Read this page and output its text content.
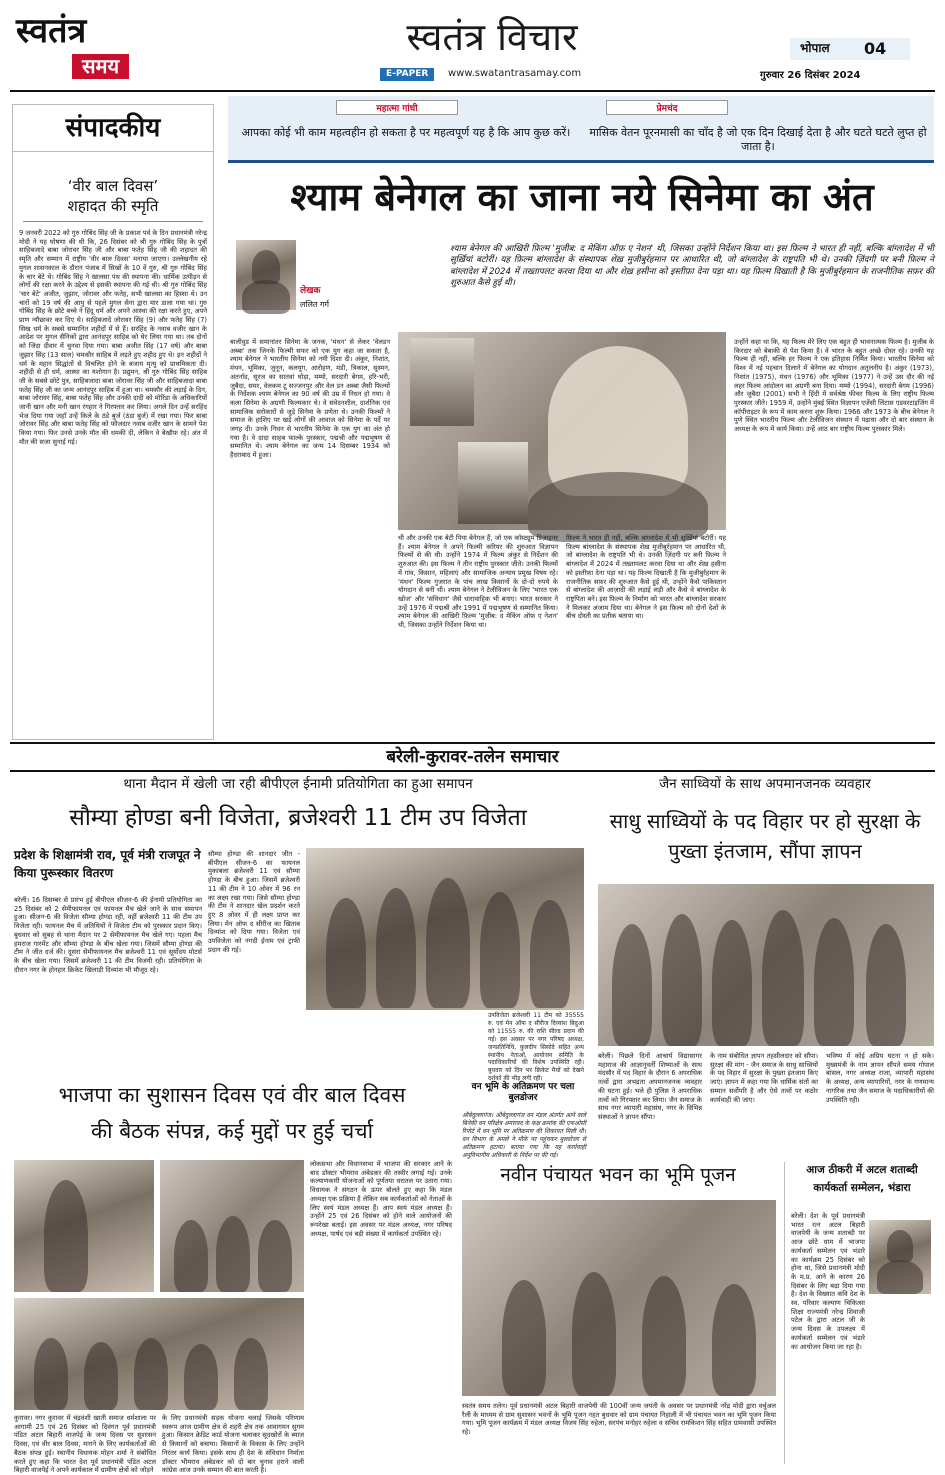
स्वतंत्र
समय
स्वतंत्र विचार
E-PAPER	www.swatantrasamay.com
भोपाल 04
गुरुवार 26 दिसंबर 2024
संपादकीय
‘वीर बाल दिवस’
शहादत की स्मृति
9 जनवरी 2022 को गुरु गोबिंद सिंह जी के प्रकाश पर्व के दिन प्रधानमंत्री नरेन्द्र मोदी ने यह घोषणा की थी कि, 26 दिसंबर को श्री गुरु गोबिंद सिंह के पुत्रों साहिबजादे बाबा जोरावर सिंह जी और बाबा फतेह सिंह जी की शहादत की स्मृति और सम्मान में राष्ट्रीय 'वीर बाल दिवस' मनाया जाएगा। उल्लेखनीय रहे मुगल शासनकाल के दौरान पंजाब में सिखों के 10 वें गुरु, श्री गुरु गोबिंद सिंह के चार बेटे थे। गोबिंद सिंह ने खालसा पंथ की स्थापना की। धार्मिक उत्पीड़न से लोगों की रक्षा करने के उद्देश्य से इसकी स्थापना की गई थी। श्री गुरु गोबिंद सिंह 'चार बेटे' अजीत, जुझार, जोरावर और फतेह, सभी खालसा का हिस्सा थे। उन चारों को 19 वर्ष की आयु से पहले मुगल सेना द्वारा मार डाला गया था। गुरु गोबिंद सिंह के छोटे बच्चे ने हिंदू धर्म और अपने आस्था की रक्षा करते हुए, अपने प्राण न्यौछावर कर दिए थे। साहिबजादे जोरावर सिंह (9) और फतेह सिंह (7) सिख धर्म के सबसे सम्मानित शहीदों में से हैं। सरहिंद के नवाब वजीर खान के आदेश पर मुगल सैनिकों द्वारा आनंदपुर साहिब को घेर लिया गया था। तब दोनों को जिंदा दीवार में चुनवा दिया गया। बाबा अजीत सिंह (17 वर्ष) और बाबा जुझार सिंह (13 साल) चमकौर साहिब में लड़ते हुए शहीद हुए थे। इन शहीदों ने धर्म के महान सिद्धांतों से विचलित होने के बजाय मृत्यु को प्राथमिकता दी। शहीदी से ही धर्म, आस्था का यशोगान है। प्रद्युमन, श्री गुरु गोबिंद सिंह साहिब जी के सबसे छोटे पुत्र, साहिबजादा बाबा जोरावर सिंह जी और साहिबजादा बाबा फतेह सिंह जी का जन्म आनंदपुर साहिब में हुआ था। चमकौर की लड़ाई के दिन, बाबा जोरावर सिंह, बाबा फतेह सिंह और उनकी दादी को मोरिंडा के अधिकारियों जानी खान और मनी खान रंगहार ने गिरफ्तार कर लिया। अगले दिन उन्हें सरहिंद भेज दिया गया जहाँ उन्हें किले के ठंडे बुर्ज (ठंडा बुर्ज) में रखा गया। फिर बाबा जोरावर सिंह और बाबा फतेह सिंह को फौजदार नवाब वजीर खान के सामने पेश किया गया। फिर उनसे उनके मौत की धमकी दी, लेकिन वे बेखौफ़ रहे। अंत में मौत की सजा सुनाई गई।
महात्मा गांधी
आपका कोई भी काम महत्वहीन हो सकता है पर महत्वपूर्ण यह है कि आप कुछ करें।
प्रेमचंद
मासिक वेतन पूरनमासी का चाँद है जो एक दिन दिखाई देता है और घटते घटते लुप्त हो जाता है।
श्याम बेनेगल का जाना नये सिनेमा का अंत
लेखक
ललित गर्ग
श्याम बेनेगल की आखिरी फ़िल्म 'मुजीब: द मेकिंग ऑफ़ ए नेशन' थी, जिसका उन्होंने निर्देशन किया था। इस फ़िल्म ने भारत ही नहीं, बल्कि बांग्लादेश में भी सुर्ख़ियां बटोरीं। यह फ़िल्म बांग्लादेश के संस्थापक शेख़ मुजीबुर्रहमान पर आधारित थी, जो बांग्लादेश के राष्ट्रपति भी थे। उनकी ज़िंदगी पर बनी फ़िल्म ने बांग्लादेश में 2024 में तख्तापलट करवा दिया था और शेख़ हसीना को इस्तीफ़ा देना पड़ा था। यह फ़िल्म दिखाती है कि मुजीबुर्रहमान के राजनीतिक सफ़र की शुरुआत कैसे हुई थी।
बालीवुड में समानांतर सिनेमा के जनक, 'मंथन' से लेकर 'वेलडन अब्बा' तक जिनके फिल्मी सफर को एक युग कहा जा सकता है, श्याम बेनेगल ने भारतीय सिनेमा को नयी दिशा दी। अंकुर, निशांत, मंथन, भूमिका, जुनून, कलयुग, आरोहण, मंडी, त्रिकाल, सुस्मन, अंतर्नाद, सूरज का सातवां घोड़ा, मम्मो, सरदारी बेगम, हरि-भरी, जुबैदा, समर, वेलकम टू सज्जनपुर और वेल डन अब्बा जैसी फिल्मों के निर्देशक श्याम बेनेगल का 90 वर्ष की उम्र में निधन हो गया। वे कला सिनेमा के अग्रणी फिल्मकार थे। वे संवेदनशील, दार्शनिक एवं सामाजिक सरोकारों से जुड़े सिनेमा के प्रणेता थे। उनकी फिल्मों ने समाज के हाशिए पर खड़े लोगों की आवाज को सिनेमा के पर्दे पर जगह दी। उनके निधन से भारतीय सिनेमा के एक युग का अंत हो गया है। वे दादा साहब फाल्के पुरस्कार, पद्मश्री और पद्मभूषण से सम्मानित थे। श्याम बेनेगल का जन्म 14 दिसम्बर 1934 को हैदराबाद में हुआ।
थी और उनकी एक बेटी पिया बेनेगल हैं, जो एक कॉस्ट्यूम डिज़ाइनर हैं। श्याम बेनेगल ने अपने फिल्मी करियर की शुरुआत विज्ञापन फिल्मों से की थी। उन्होंने 1974 में फिल्म अंकुर से निर्देशन की शुरुआत की। इस फिल्म ने तीन राष्ट्रीय पुरस्कार जीते। उनकी फिल्मों में गांव, किसान, महिलाएं और सामाजिक अन्याय प्रमुख विषय रहे। 'मंथन' फिल्म गुजरात के पांच लाख किसानों के दो-दो रुपये के योगदान से बनी थी। श्याम बेनेगल ने टेलीविजन के लिए 'भारत एक खोज' और 'संविधान' जैसे धारावाहिक भी बनाए। भारत सरकार ने उन्हें 1976 में पद्मश्री और 1991 में पद्मभूषण से सम्मानित किया। श्याम बेनेगल की आखिरी फ़िल्म 'मुजीब: द मेकिंग ऑफ़ ए नेशन' थी, जिसका उन्होंने निर्देशन किया था।
फ़िल्म ने भारत ही नहीं, बल्कि बांग्लादेश में भी सुर्ख़ियां बटोरीं। यह फ़िल्म बांग्लादेश के संस्थापक शेख़ मुजीबुर्रहमान पर आधारित थी, जो बांग्लादेश के राष्ट्रपति भी थे। उनकी ज़िंदगी पर बनी फ़िल्म ने बांग्लादेश में 2024 में तख़्तापलट करवा दिया था और शेख़ हसीना को इस्तीफ़ा देना पड़ा था। यह फ़िल्म दिखाती है कि मुजीबुर्रहमान के राजनीतिक सफ़र की शुरुआत कैसे हुई थी, उन्होंने कैसे पाकिस्तान से बांग्लादेश की आज़ादी की लड़ाई लड़ी और कैसे वे बांग्लादेश के राष्ट्रपिता बने। इस फ़िल्म के निर्माण को भारत और बांग्लादेश सरकार ने मिलकर अंजाम दिया था। बेनेगल ने इस फ़िल्म को दोनों देशों के बीच दोस्ती का प्रतीक बताया था।
उन्होंने कहा था कि, यह फिल्म मेरे लिए एक बहुत ही भावनात्मक फिल्म है। मुजीब के किरदार को बेबाकी से पेश किया है। वे भारत के बहुत अच्छे दोस्त रहे। उनकी यह फिल्म ही नहीं, बल्कि हर फिल्म ने एक इतिहास निर्मित किया। भारतीय सिनेमा को विश्व में नई पहचान दिलाने में बेनेगल का योगदान अतुलनीय है। अंकुर (1973), निशांत (1975), मंथन (1976) और भूमिका (1977) ने उन्हें उस दौर की नई लहर फिल्म आंदोलन का अग्रणी बना दिया। मम्मो (1994), सरदारी बेगम (1996) और जुबैदा (2001) सभी ने हिंदी में सर्वश्रेष्ठ फीचर फिल्म के लिए राष्ट्रीय फिल्म पुरस्कार जीते। 1959 में, उन्होंने मुंबई स्थित विज्ञापन एजेंसी लिंटास एडवरटाइजिंग में कॉपीराइटर के रूप में काम करना शुरू किया। 1966 और 1973 के बीच बेनेगल ने पुणे स्थित भारतीय फिल्म और टेलीविजन संस्थान में पढ़ाया और दो बार संस्थान के अध्यक्ष के रूप में कार्य किया। उन्हें आठ बार राष्ट्रीय फिल्म पुरस्कार मिले।
बरेली-कुरावर-तलेन समाचार
थाना मैदान में खेली जा रही बीपीएल ईनामी प्रतियोगिता का हुआ समापन
सौम्या होण्डा बनी विजेता, ब्रजेश्वरी 11 टीम उप विजेता
प्रदेश के शिक्षामंत्री राव, पूर्व मंत्री राजपूत ने किया पुरूस्कार वितरण
बरेली। 16 दिसम्बर से प्रारंभ हुई बीपीएल सीजन-6 की ईनामी प्रतियोगिता का 25 दिसंबर को 2 सेमीफायनल एवं फायनल मैच खेले जाने के साथ समापन हुआ। सीजन-6 की विजेता सौम्या होण्डा रही, वहीं ब्रजेश्वरी 11 की टीम उप विजेता रही। फायनल मैच में अतिथियों ने विजेता टीम को पुरस्कार प्रदान किए। बुधवार को सुबह से थाना मैदान पर 2 सेमीफायनल मैच खेले गए। पहला मैच हमराज गारमेंट और सौम्या होण्डा के बीच खेला गया। जिसमें सौम्या होण्डा की टीम ने जीत दर्ज की। दूसरा सेमीफायनल मैच ब्रजेश्वरी 11 एवं सूर्योदय मोटर्स के बीच खेला गया। जिसमें ब्रजेश्वरी 11 की टीम विजयी रही। प्रतियोगिता के दौरान नगर के होनहार क्रिकेट खिलाड़ी दिव्यांश भी मौजूद रहे।
सौम्या होण्डा की शानदार जीत - बीपीएल सीजन-6 का फायनल मुकाबला ब्रजेश्वरी 11 एवं सौम्या होण्डा के बीच हुआ। जिसमें ब्रजेश्वरी 11 की टीम ने 10 ओवर में 96 रन का लक्ष्य रखा गया। जिसे सौम्या होण्डा की टीम ने शानदार खेल प्रदर्शन करते हुए 8 ओवर में ही लक्ष्य प्राप्त कर लिया। मेन ऑफ द सीरीज का खिताब दिव्यांश को दिया गया। विजेता एवं उपविजेता को नगदी ईनाम एवं ट्राफी प्रदान की गई।
उपविजेता ब्रजेश्वरी 11 टीम को 35555 रु. एवं मेन ऑफ द सीरीज दिव्यांश बिदुआ को 11555 रु. की राशि सील्ड प्रदान की गई। इस अवसर पर नगर परिषद अध्यक्ष, जनप्रतिनिधि, कुलदीप सिसोदे सहित अन्य स्थानीय नेताओं, आयोजन समिति के पदाधिकारियों की विशेष उपस्थिति रही। बुधवार को दिन भर क्रिकेट मैचों को देखने दर्शकों की भीड़ लगी रही।
जैन साध्वियों के साथ अपमानजनक व्यवहार
साधु साध्वियों के पद विहार पर हो सुरक्षा के पुख्ता इंतजाम, सौंपा ज्ञापन
बरेली। पिछले दिनों आचार्य विद्यासागर महाराज की आज्ञानुवर्ती शिष्याओं के साथ मंदसौर में पद विहार के दौरान 6 अपराधिक तत्वों द्वारा अभद्रता अपमानजनक व्यवहार की घटना हुई। भले ही पुलिस ने अपराधिक तत्वों को गिरफ्तार कर लिया। जैन समाज के साथ नगर व्यापारी महासंघ, नगर के विभिन्न संस्थाओं ने ज्ञापन सौंपा।
के नाम संबोधित ज्ञापन तहसीलदार को सौंपा। सुरक्षा की मांग - जैन समाज के साधु साध्वियों के पद विहार में सुरक्षा के पुख्ता इंतजाम किए जाएं। ज्ञापन में कहा गया कि धार्मिक संतों का सम्मान सर्वोपरि है और ऐसे तत्वों पर कठोर कार्यवाही की जाए।
भविष्य में कोई अप्रिय घटना न हो सके। मुख्यमंत्री के नाम ज्ञापन सौंपते समय गोपाल बांसल, नगर अध्यक्ष राजा, व्यापारी महासंघ के अध्यक्ष, अन्य व्यापारियों, नगर के गणमान्य नागरिक तथा जैन समाज के पदाधिकारीयों की उपस्थिति रही।
भाजपा का सुशासन दिवस एवं वीर बाल दिवस
की बैठक संपन्न, कई मुद्दों पर हुई चर्चा
लोकसभा और विधानसभा में भाजपा की सरकार आने के बाद डॉक्टर भीमराव अंबेडकर की तस्वीर लगाई गई। उनके कल्याणकारी योजनाओं को पूर्णतया धरातल पर उतारा गया। विधायक ने संगठन के ऊपर बोलते हुए कहा कि मंडल अध्यक्ष एक प्रक्रिया है लेकिन सब कार्यकर्ताओं को नेताओं के लिए स्वयं मंडल अध्यक्ष हैं। आप स्वयं मंडल अध्यक्ष हैं। उन्होंने 25 एवं 26 दिसंबर को होने वाले आयोजनों की रूपरेखा बताई। इस अवसर पर मंडल अध्यक्ष, नगर परिषद अध्यक्ष, पार्षद एवं बड़ी संख्या में कार्यकर्ता उपस्थित रहे।
कुरावर। नगर कुरावर में चंद्रवंशी खाती समाज धर्मशाला पर आगामी 25 एवं 26 दिसंबर को दिवंगत पूर्व प्रधानमंत्री पंडित अटल बिहारी वाजपेई के जन्म दिवस पर सुशासन दिवस, एवं वीर बाल दिवस, मनाने के लिए कार्यकर्ताओं की बैठक संपन्न हुई। स्थानीय विधायक मोहन शर्मा ने संबोधित करते हुए कहा कि भारत देश पूर्व प्रधानमंत्री पंडित अटल बिहारी वाजपेई ने अपने कार्यकाल में ग्रामीण क्षेत्रों को जोड़ने
के लिए प्रधानमंत्री सड़क योजना चलाई जिसके परिणाम स्वरूप आज ग्रामीण क्षेत्र से शहरी क्षेत्र तक आवागमन सुगम हुआ। किसान क्रेडिट कार्ड योजना चलाकर सूदखोरों के ब्याज से किसानों को बचाया। किसानों के विकास के लिए उन्होंने निरंतर कार्य किया। इसके साथ ही देश के संविधान निर्माता डॉक्टर भीमराव अंबेडकर को दो बार चुनाव हराने वाली कांग्रेस आज उनके सम्मान की बात करती है।
वन भूमि के अतिक्रमण पर चला बुलडोजर
औबेदुल्लागंज। औबेदुल्लागंज वन मंडल अंतर्गत आने वाले बिनेकी वन परिक्षेत्र अमरावद के कक्ष क्रमांक की एफओसी रिपोर्ट में वन भूमि पर अतिक्रमण की शिकायत मिली थी। वन विभाग के अमले ने मौके पर पहुंचकर बुलडोजर से अतिक्रमण हटाया। बताया गया कि यह कार्यवाही अनुविभागीय अधिकारी के निर्देश पर की गई।
नवीन पंचायत भवन का भूमि पूजन
स्वतंत्र समय तलेन। पूर्व प्रधानमंत्री अटल बिहारी वाजपेयी की 100वीं जन्म जयंती के अवसर पर प्रधानमंत्री नरेंद्र मोदी द्वारा वर्चुअल रैली के माध्यम से ग्राम सुशासन भवनों के भूमि पूजन नहत बुधवार को ग्राम पंचायत निहाली में भी पंचायत भवन का भूमि पूजन किया गया। भूमि पूजन कार्यक्रम में मंडल अध्यक्ष विजय सिंह रुहेला, सरपंच मनोहर रुहेला व सचिव रामकिशन सिंह सहित ग्रामवासी उपस्थित रहे।
आज ठीकरी में अटल शताब्दी
कार्यकर्ता सम्मेलन, भंडारा
बरेली। देश के पूर्व प्रधानमंत्री भारत रत्न अटल बिहारी वाजपेयी के जन्म शताब्दी पर आज छोटे धाम में भाजपा कार्यकर्ता सम्मेलन एवं भंडारे का कार्यक्रम 25 दिसंबर को होना था, जिसे प्रधानमंत्री मोदी के म.प्र. आने के कारण 26 दिसंबर के लिए बढ़ा दिया गया है। देश के विख्यात कवि देश के स्व. परिवार कल्याण चिकित्सा शिक्षा राज्यमंत्री नरेन्द्र शिवाजी पटेल के द्वारा अटल जी के जन्म दिवस के उपलक्ष्य में कार्यकर्ता सम्मेलन एवं भंडारे का आयोजन किया जा रहा है।
